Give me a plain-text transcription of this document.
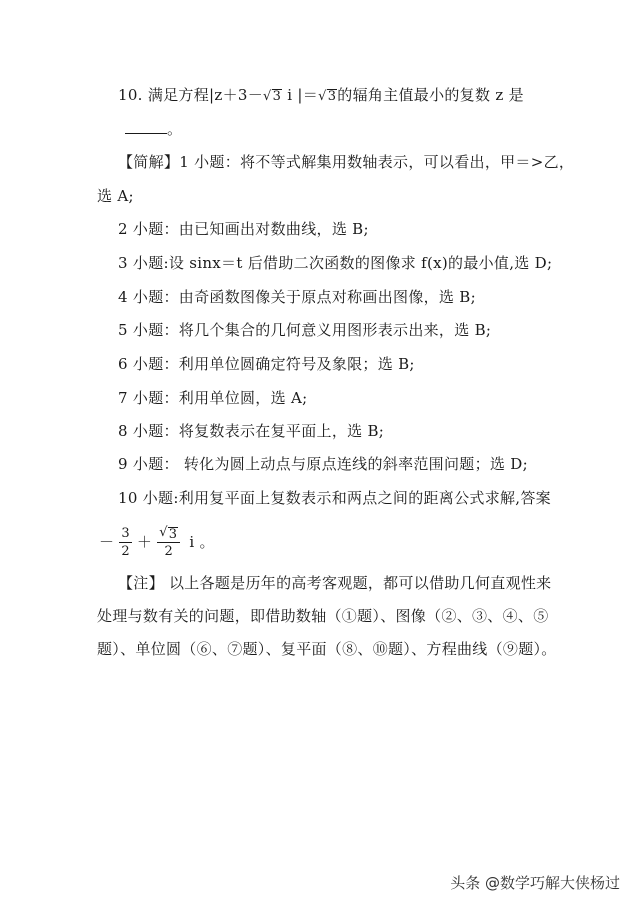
10. 满足方程|z＋3－ √ 3 i |＝ √ 3 的辐角主值最小的复数 z 是
。
【简解】1 小题：将不等式解集用数轴表示，可以看出，甲＝>乙，
选 A;
2 小题：由已知画出对数曲线，选 B;
3 小题:设 sinx＝t 后借助二次函数的图像求 f(x)的最小值,选 D;
4 小题：由奇函数图像关于原点对称画出图像，选 B;
5 小题：将几个集合的几何意义用图形表示出来，选 B;
6 小题：利用单位圆确定符号及象限；选 B;
7 小题：利用单位圆，选 A;
8 小题：将复数表示在复平面上，选 B;
9 小题： 转化为圆上动点与原点连线的斜率范围问题；选 D;
10 小题:利用复平面上复数表示和两点之间的距离公式求解,答案
－ $\frac{3}{2} + \frac{√ 3}{2}$ i 。
【注】 以上各题是历年的高考客观题，都可以借助几何直观性来
处理与数有关的问题，即借助数轴（①题）、图像（②、③、④、⑤
题）、单位圆（⑥、⑦题）、复平面（⑧、⑩题）、方程曲线（⑨题）。
头条 @数学巧解大侠杨过
